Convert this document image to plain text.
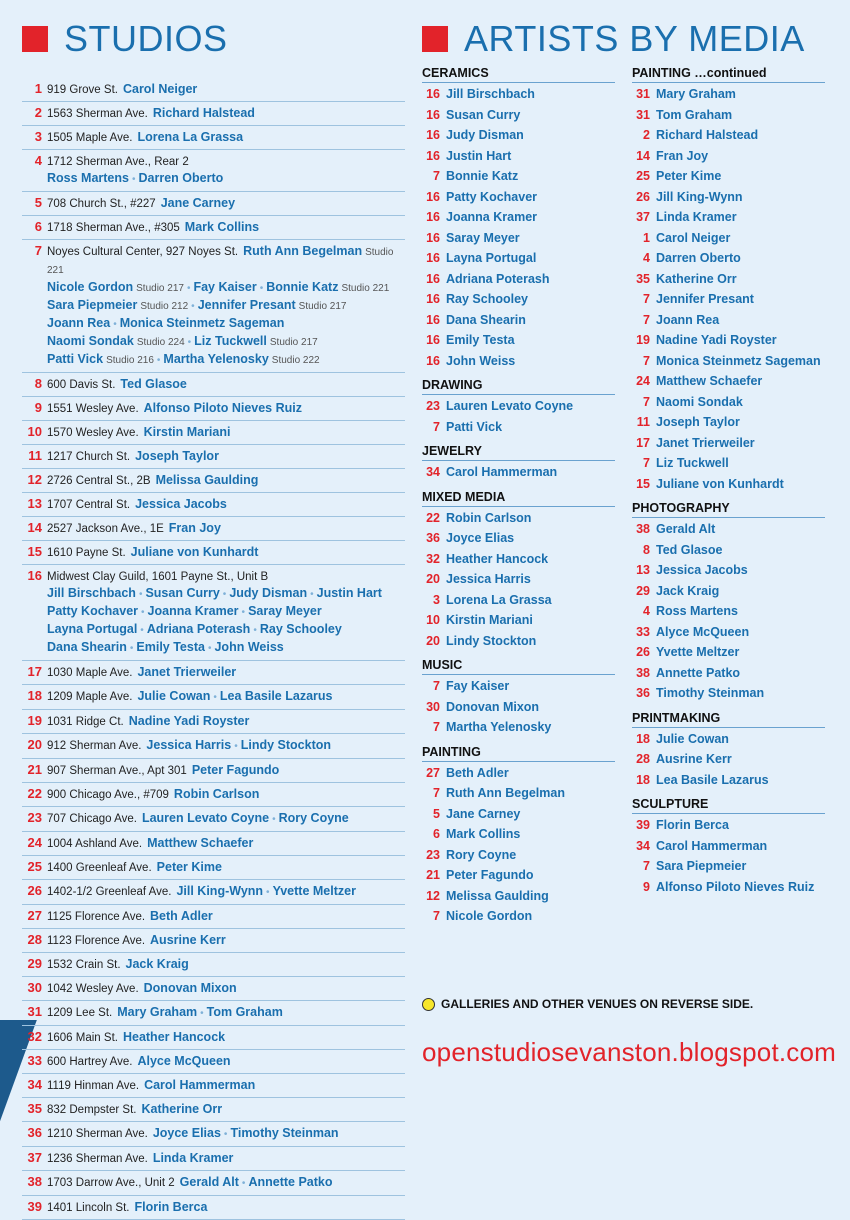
STUDIOS
1 919 Grove St. Carol Neiger
2 1563 Sherman Ave. Richard Halstead
3 1505 Maple Ave. Lorena La Grassa
4 1712 Sherman Ave., Rear 2
Ross Martens • Darren Oberto
5 708 Church St., #227 Jane Carney
6 1718 Sherman Ave., #305 Mark Collins
7 Noyes Cultural Center, 927 Noyes St. Ruth Ann Begelman Studio 221
Nicole Gordon Studio 217 • Fay Kaiser • Bonnie Katz Studio 221
Sara Piepmeier Studio 212 • Jennifer Presant Studio 217
Joann Rea • Monica Steinmetz Sageman
Naomi Sondak Studio 224 • Liz Tuckwell Studio 217
Patti Vick Studio 216 • Martha Yelenosky Studio 222
8 600 Davis St. Ted Glasoe
9 1551 Wesley Ave. Alfonso Piloto Nieves Ruiz
10 1570 Wesley Ave. Kirstin Mariani
11 1217 Church St. Joseph Taylor
12 2726 Central St., 2B Melissa Gaulding
13 1707 Central St. Jessica Jacobs
14 2527 Jackson Ave., 1E Fran Joy
15 1610 Payne St. Juliane von Kunhardt
16 Midwest Clay Guild, 1601 Payne St., Unit B
Jill Birschbach • Susan Curry • Judy Disman • Justin Hart
Patty Kochaver • Joanna Kramer • Saray Meyer
Layna Portugal • Adriana Poterash • Ray Schooley
Dana Shearin • Emily Testa • John Weiss
17 1030 Maple Ave. Janet Trierweiler
18 1209 Maple Ave. Julie Cowan • Lea Basile Lazarus
19 1031 Ridge Ct. Nadine Yadi Royster
20 912 Sherman Ave. Jessica Harris • Lindy Stockton
21 907 Sherman Ave., Apt 301 Peter Fagundo
22 900 Chicago Ave., #709 Robin Carlson
23 707 Chicago Ave. Lauren Levato Coyne • Rory Coyne
24 1004 Ashland Ave. Matthew Schaefer
25 1400 Greenleaf Ave. Peter Kime
26 1402-1/2 Greenleaf Ave. Jill King-Wynn • Yvette Meltzer
27 1125 Florence Ave. Beth Adler
28 1123 Florence Ave. Ausrine Kerr
29 1532 Crain St. Jack Kraig
30 1042 Wesley Ave. Donovan Mixon
31 1209 Lee St. Mary Graham • Tom Graham
32 1606 Main St. Heather Hancock
33 600 Hartrey Ave. Alyce McQueen
34 1119 Hinman Ave. Carol Hammerman
35 832 Dempster St. Katherine Orr
36 1210 Sherman Ave. Joyce Elias • Timothy Steinman
37 1236 Sherman Ave. Linda Kramer
38 1703 Darrow Ave., Unit 2 Gerald Alt • Annette Patko
39 1401 Lincoln St. Florin Berca
ARTISTS BY MEDIA
CERAMICS
16 Jill Birschbach
16 Susan Curry
16 Judy Disman
16 Justin Hart
7 Bonnie Katz
16 Patty Kochaver
16 Joanna Kramer
16 Saray Meyer
16 Layna Portugal
16 Adriana Poterash
16 Ray Schooley
16 Dana Shearin
16 Emily Testa
16 John Weiss
DRAWING
23 Lauren Levato Coyne
7 Patti Vick
JEWELRY
34 Carol Hammerman
MIXED MEDIA
22 Robin Carlson
36 Joyce Elias
32 Heather Hancock
20 Jessica Harris
3 Lorena La Grassa
10 Kirstin Mariani
20 Lindy Stockton
MUSIC
7 Fay Kaiser
30 Donovan Mixon
7 Martha Yelenosky
PAINTING
27 Beth Adler
7 Ruth Ann Begelman
5 Jane Carney
6 Mark Collins
23 Rory Coyne
21 Peter Fagundo
12 Melissa Gaulding
7 Nicole Gordon
PAINTING …continued
31 Mary Graham
31 Tom Graham
2 Richard Halstead
14 Fran Joy
25 Peter Kime
26 Jill King-Wynn
37 Linda Kramer
1 Carol Neiger
4 Darren Oberto
35 Katherine Orr
7 Jennifer Presant
7 Joann Rea
19 Nadine Yadi Royster
7 Monica Steinmetz Sageman
24 Matthew Schaefer
7 Naomi Sondak
11 Joseph Taylor
17 Janet Trierweiler
7 Liz Tuckwell
15 Juliane von Kunhardt
PHOTOGRAPHY
38 Gerald Alt
8 Ted Glasoe
13 Jessica Jacobs
29 Jack Kraig
4 Ross Martens
33 Alyce McQueen
26 Yvette Meltzer
38 Annette Patko
36 Timothy Steinman
PRINTMAKING
18 Julie Cowan
28 Ausrine Kerr
18 Lea Basile Lazarus
SCULPTURE
39 Florin Berca
34 Carol Hammerman
7 Sara Piepmeier
9 Alfonso Piloto Nieves Ruiz
GALLERIES AND OTHER VENUES ON REVERSE SIDE.
openstudiosevanston.blogspot.com
